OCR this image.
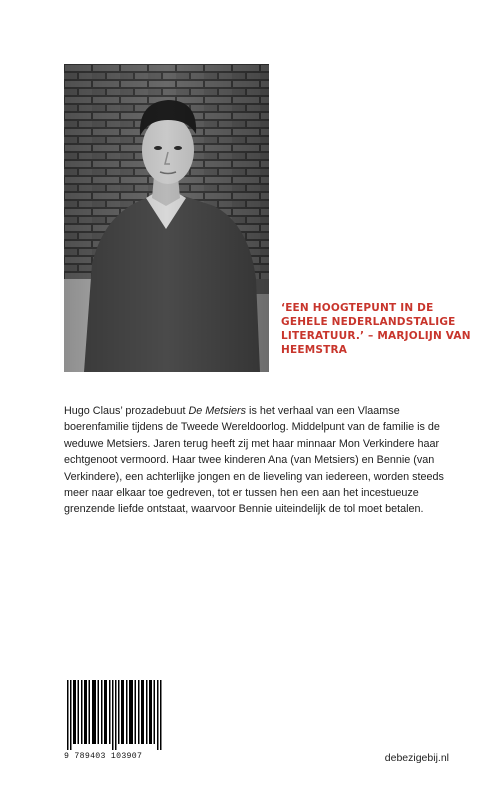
‘EEN HOOGTEPUNT IN DE GEHELE NEDERLANDSTALIGE LITERATUUR.’ – MARJOLIJN VAN HEEMSTRA

Hugo Claus’ prozadebuut De Metsiers is het verhaal van een Vlaamse boerenfamilie tijdens de Tweede Wereldoorlog. Middelpunt van de familie is de weduwe Metsiers. Jaren terug heeft zij met haar minnaar Mon Verkindere haar echtgenoot vermoord. Haar twee kinderen Ana (van Metsiers) en Bennie (van Verkindere), een achterlijke jongen en de lieveling van iedereen, worden steeds meer naar elkaar toe gedreven, tot er tussen hen een aan het incestueuze grenzende liefde ontstaat, waarvoor Bennie uiteindelijk de tol moet betalen.

9 789403 103907	debezigebij.nl
